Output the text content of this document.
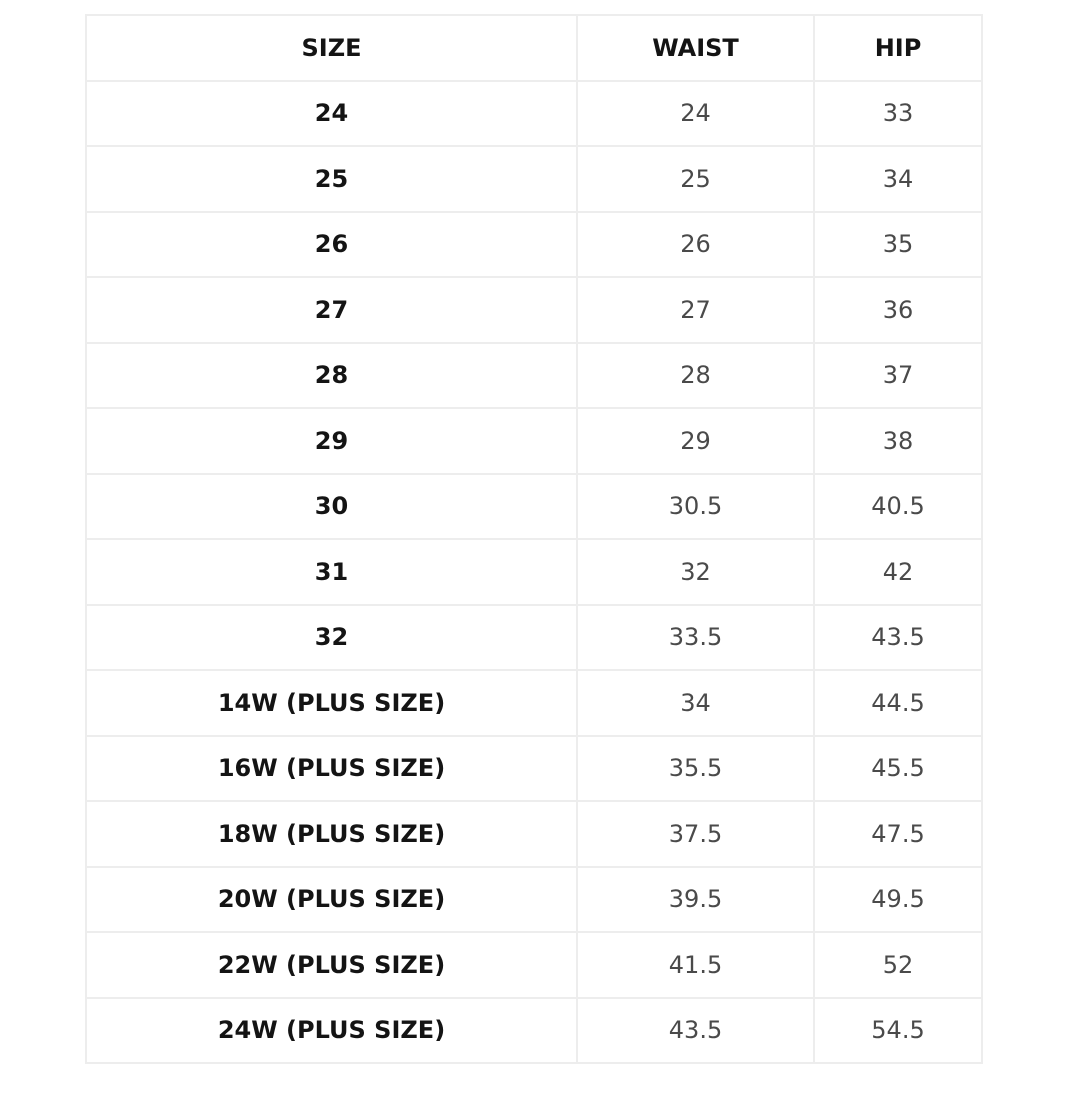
SIZE	WAIST	HIP
24	24	33
25	25	34
26	26	35
27	27	36
28	28	37
29	29	38
30	30.5	40.5
31	32	42
32	33.5	43.5
14W (PLUS SIZE)	34	44.5
16W (PLUS SIZE)	35.5	45.5
18W (PLUS SIZE)	37.5	47.5
20W (PLUS SIZE)	39.5	49.5
22W (PLUS SIZE)	41.5	52
24W (PLUS SIZE)	43.5	54.5
